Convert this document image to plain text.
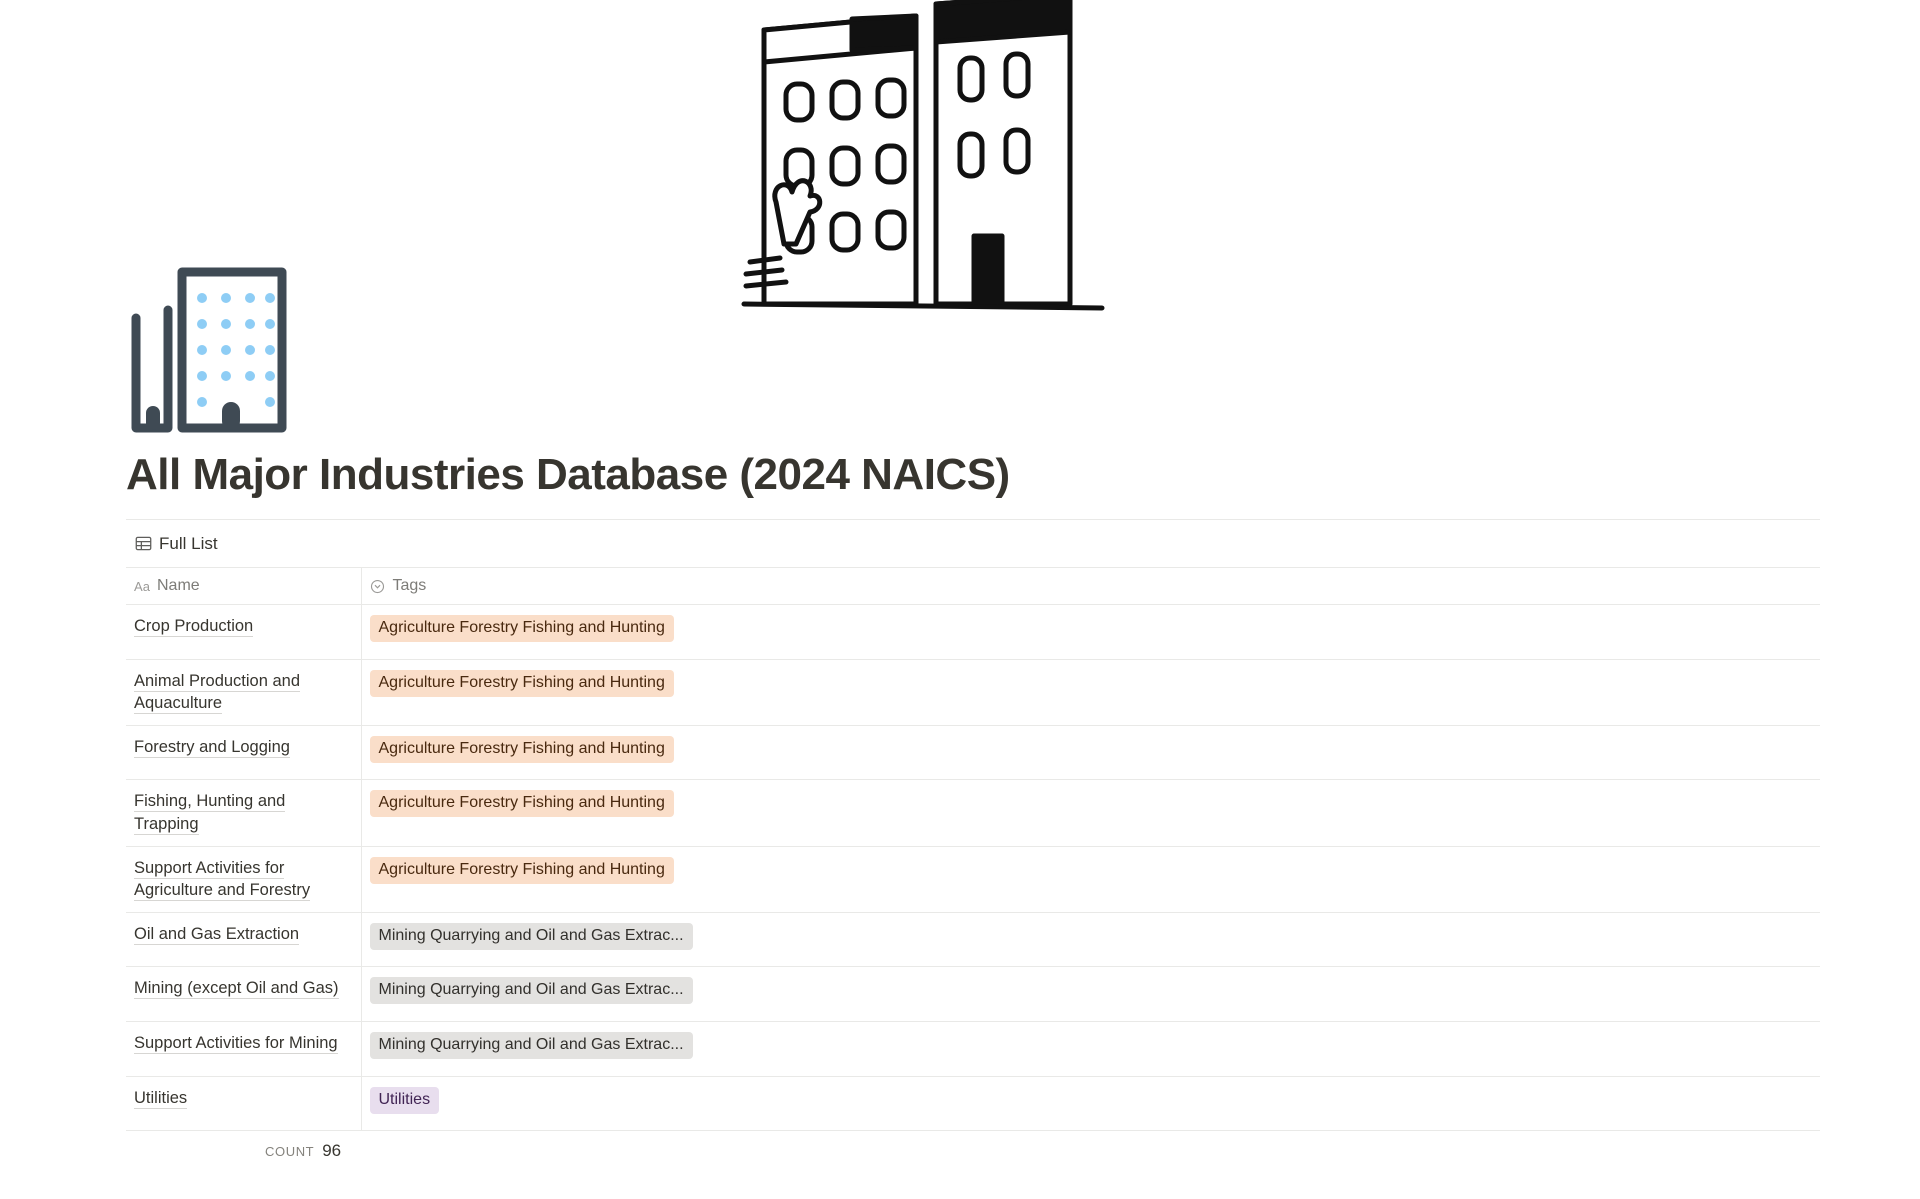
All Major Industries Database (2024 NAICS)
Full List
Aa Name	Tags

Crop Production	Agriculture Forestry Fishing and Hunting
Animal Production and Aquaculture	Agriculture Forestry Fishing and Hunting
Forestry and Logging	Agriculture Forestry Fishing and Hunting
Fishing, Hunting and Trapping	Agriculture Forestry Fishing and Hunting
Support Activities for Agriculture and Forestry	Agriculture Forestry Fishing and Hunting
Oil and Gas Extraction	Mining Quarrying and Oil and Gas Extrac...
Mining (except Oil and Gas)	Mining Quarrying and Oil and Gas Extrac...
Support Activities for Mining	Mining Quarrying and Oil and Gas Extrac...
Utilities	Utilities
COUNT 96
